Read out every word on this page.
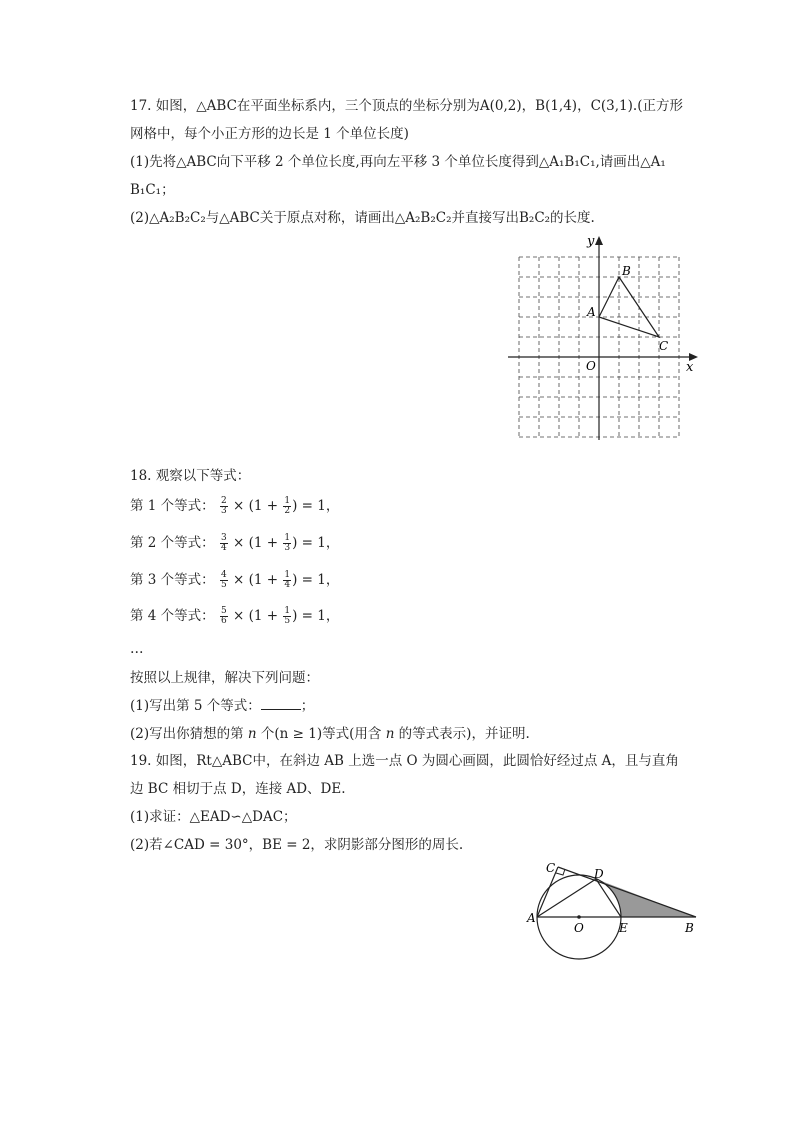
17. 如图，△ABC在平面坐标系内，三个顶点的坐标分别为A(0,2)，B(1,4)，C(3,1).(正方形
网格中，每个小正方形的边长是 1 个单位长度)
(1)先将△ABC向下平移 2 个单位长度,再向左平移 3 个单位长度得到△A₁B₁C₁,请画出△A₁
B₁C₁；
(2)△A₂B₂C₂与△ABC关于原点对称，请画出△A₂B₂C₂并直接写出B₂C₂的长度.
y
x
O
A
B
C
18. 观察以下等式：
第 1 个等式： $\frac{2}{3} \times (1 + \frac{1}{2}$ ) = 1，
第 2 个等式： $\frac{3}{4} \times (1 + \frac{1}{3}$ ) = 1，
第 3 个等式： $\frac{4}{5} \times (1 + \frac{1}{4}$ ) = 1，
第 4 个等式： $\frac{5}{6} \times (1 + \frac{1}{5}$ ) = 1，
…
按照以上规律，解决下列问题：
(1)写出第 5 个等式：	；
(2)写出你猜想的第 n 个(n ≥ 1)等式(用含 n 的等式表示)，并证明.
19. 如图，Rt△ABC中，在斜边 AB 上选一点 O 为圆心画圆，此圆恰好经过点 A，且与直角
边 BC 相切于点 D，连接 AD、DE.
(1)求证：△EAD∽△DAC；
(2)若∠CAD = 30°，BE = 2，求阴影部分图形的周长.
C	D
A
O	E	B
